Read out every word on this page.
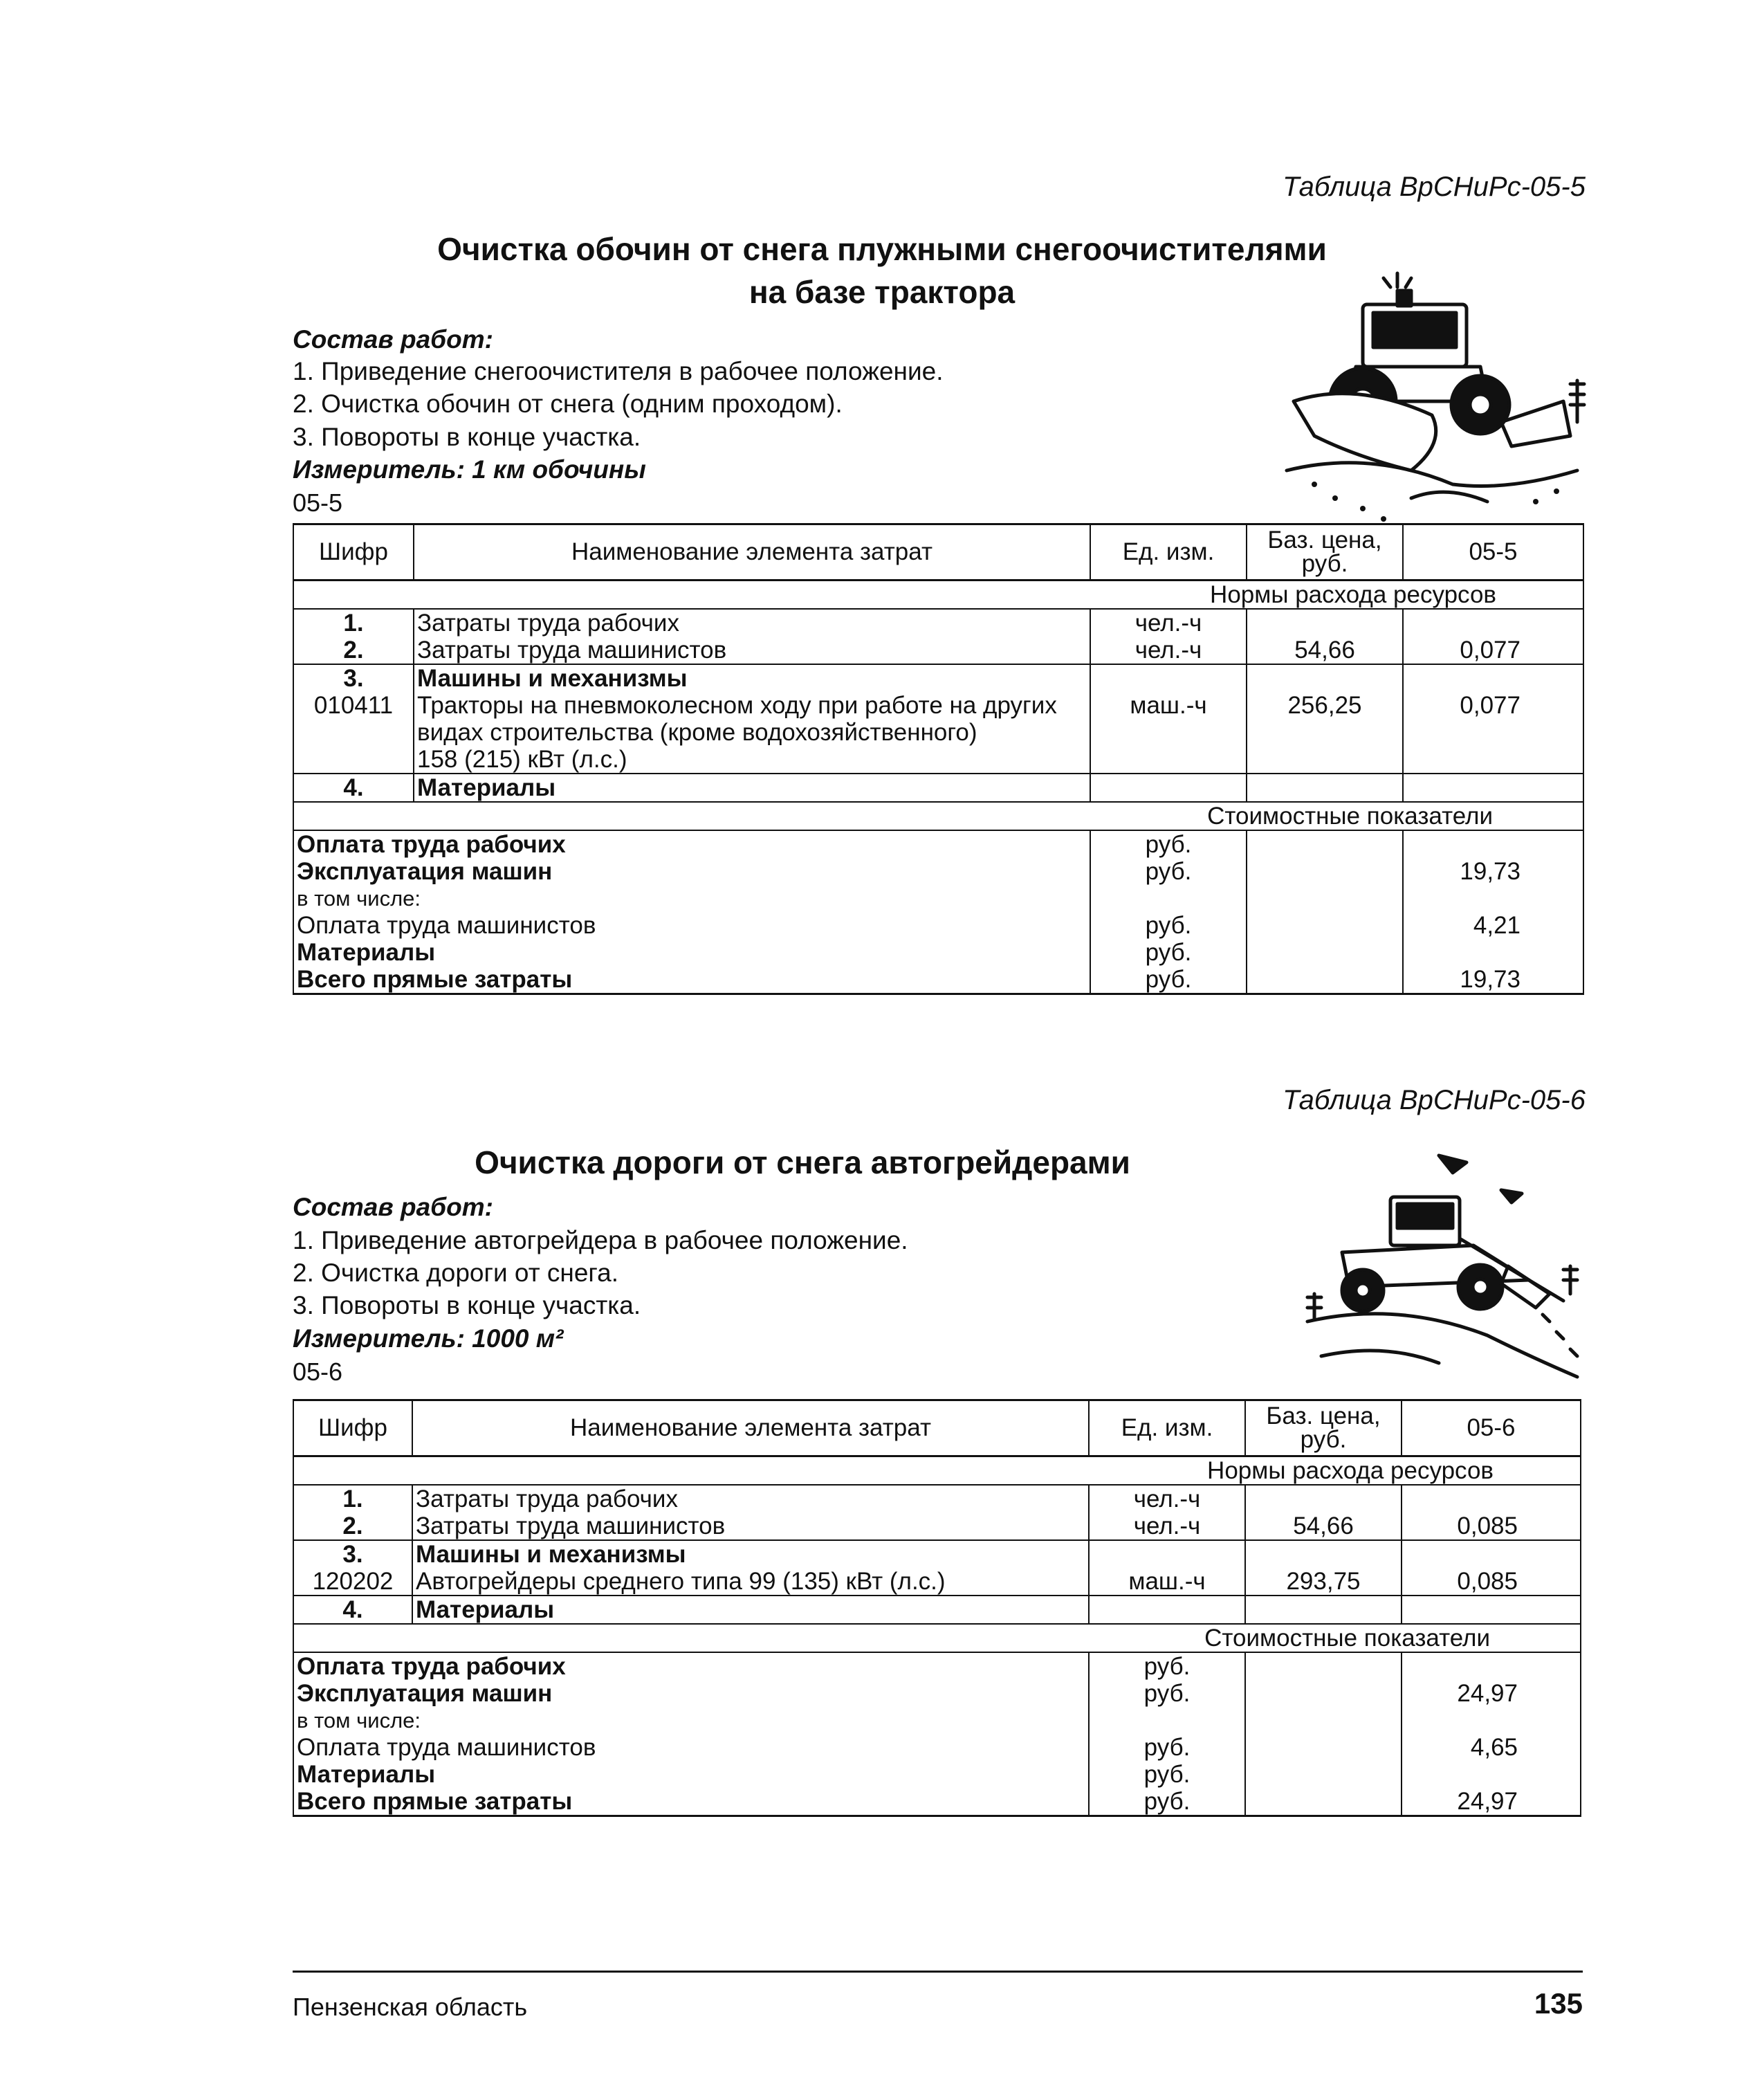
Таблица ВрСНиРс-05-5
Очистка обочин от снега плужными снегоочистителями
на базе трактора
Состав работ:
1. Приведение снегоочистителя в рабочее положение.
2. Очистка обочин от снега (одним проходом).
3. Повороты в конце участка.
Измеритель: 1 км обочины
05-5
Шифр	Наименование элемента затрат	Ед. изм.	Баз. цена, руб.	05-5
Нормы расхода ресурсов				
1.	Затраты труда рабочих	чел.-ч		
2.	Затраты труда машинистов	чел.-ч	54,66	0,077
3.	Машины и механизмы			
010411	Тракторы на пневмоколесном ходу при работе на других
видах строительства (кроме водохозяйственного)
158 (215) кВт (л.с.)	маш.-ч	256,25	0,077
4.	Материалы			
Стоимостные показатели				
Оплата труда рабочих		руб.		
Эксплуатация машин		руб.		19,73
в том числе:				
Оплата труда машинистов		руб.		4,21
Материалы		руб.		
Всего прямые затраты		руб.		19,73
Таблица ВрСНиРс-05-6
Очистка дороги от снега автогрейдерами
Состав работ:
1. Приведение автогрейдера в рабочее положение.
2. Очистка дороги от снега.
3. Повороты в конце участка.
Измеритель: 1000 м²
05-6
Шифр	Наименование элемента затрат	Ед. изм.	Баз. цена, руб.	05-6
Нормы расхода ресурсов				
1.	Затраты труда рабочих	чел.-ч		
2.	Затраты труда машинистов	чел.-ч	54,66	0,085
3.	Машины и механизмы			
120202	Автогрейдеры среднего типа 99 (135) кВт (л.с.)	маш.-ч	293,75	0,085
4.	Материалы			
Стоимостные показатели				
Оплата труда рабочих		руб.		
Эксплуатация машин		руб.		24,97
в том числе:				
Оплата труда машинистов		руб.		4,65
Материалы		руб.		
Всего прямые затраты		руб.		24,97
Пензенская область	135
